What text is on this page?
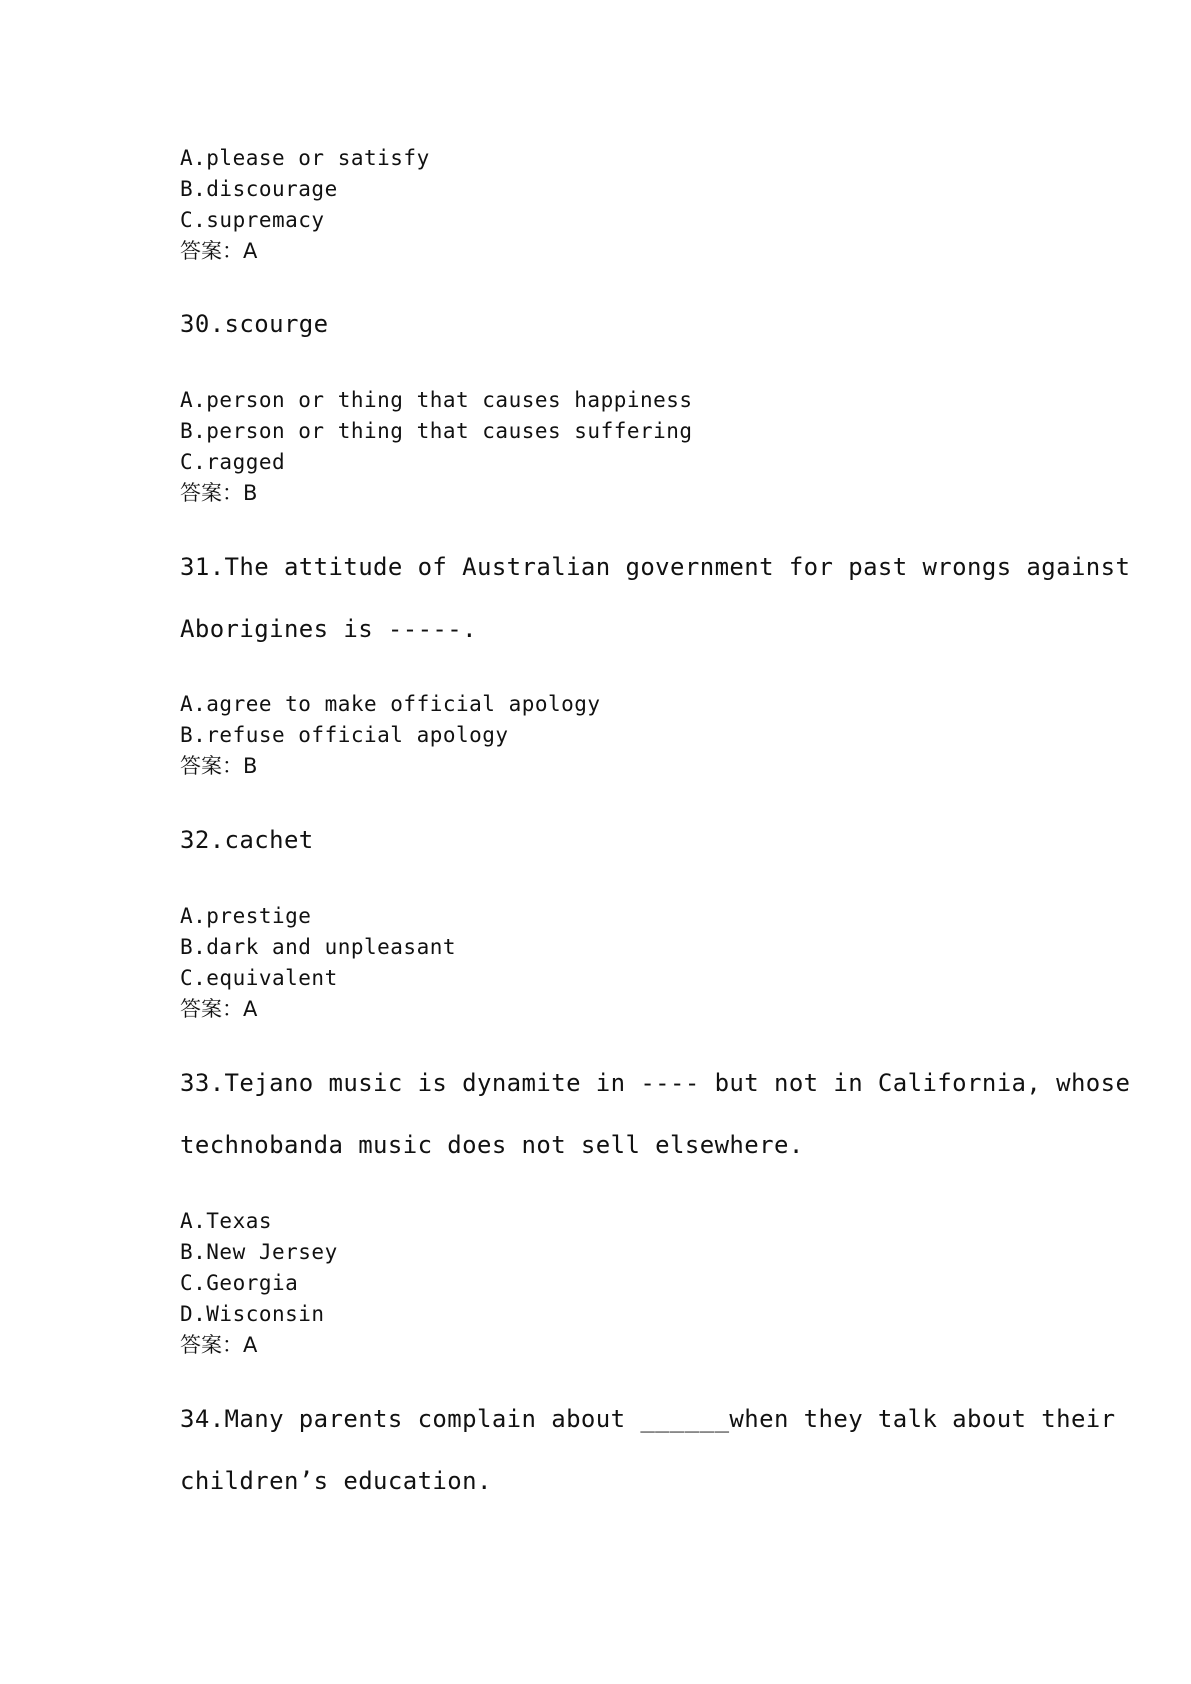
A.please or satisfy
B.discourage
C.supremacy
答案：A
30.scourge
A.person or thing that causes happiness
B.person or thing that causes suffering
C.ragged
答案：B
31.The attitude of Australian government for past wrongs against
Aborigines is -----.
A.agree to make official apology
B.refuse official apology
答案：B
32.cachet
A.prestige
B.dark and unpleasant
C.equivalent
答案：A
33.Tejano music is dynamite in ---- but not in California, whose
technobanda music does not sell elsewhere.
A.Texas
B.New Jersey
C.Georgia
D.Wisconsin
答案：A
34.Many parents complain about ______when they talk about their
children’s education.
